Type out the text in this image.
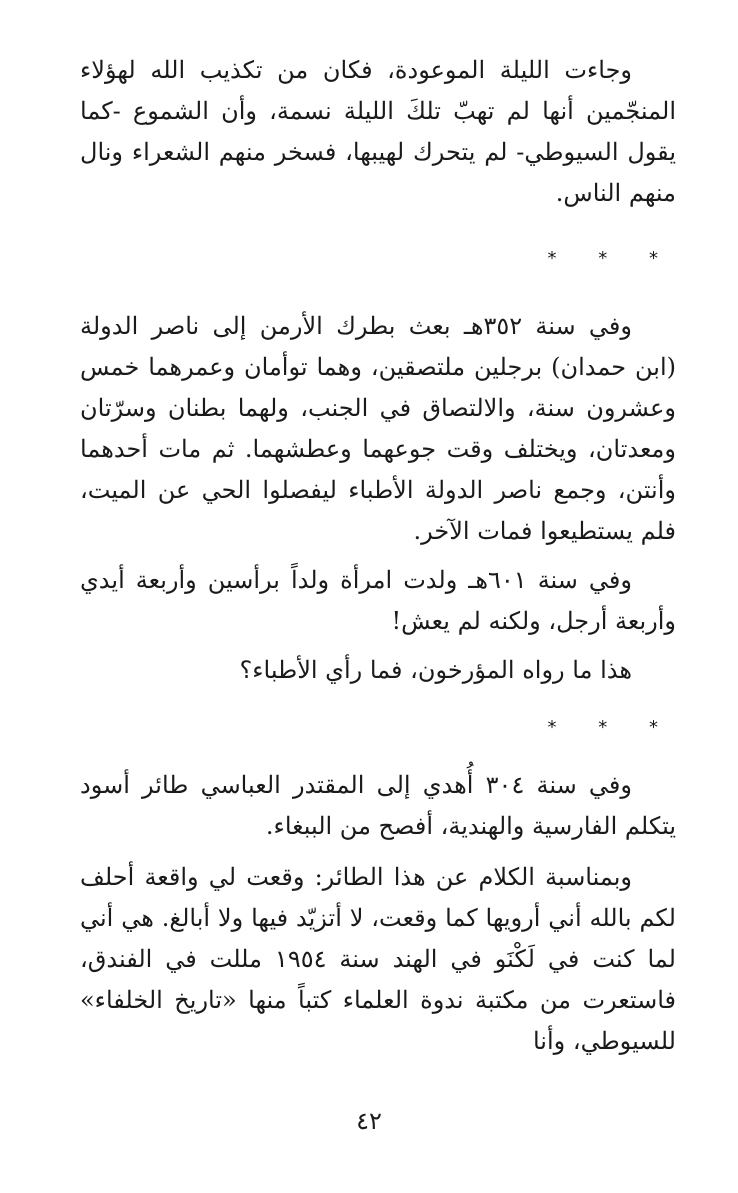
وجاءت الليلة الموعودة، فكان من تكذيب الله لهؤلاء المنجّمين أنها لم تهبّ تلكَ الليلة نسمة، وأن الشموع -كما يقول السيوطي- لم يتحرك لهيبها، فسخر منهم الشعراء ونال منهم الناس.

* * *

وفي سنة ٣٥٢هـ بعث بطرك الأرمن إلى ناصر الدولة (ابن حمدان) برجلين ملتصقين، وهما توأمان وعمرهما خمس وعشرون سنة، والالتصاق في الجنب، ولهما بطنان وسرّتان ومعدتان، ويختلف وقت جوعهما وعطشهما. ثم مات أحدهما وأنتن، وجمع ناصر الدولة الأطباء ليفصلوا الحي عن الميت، فلم يستطيعوا فمات الآخر.

وفي سنة ٦٠١هـ ولدت امرأة ولداً برأسين وأربعة أيدي وأربعة أرجل، ولكنه لم يعش!

هذا ما رواه المؤرخون، فما رأي الأطباء؟

* * *

وفي سنة ٣٠٤ أُهدي إلى المقتدر العباسي طائر أسود يتكلم الفارسية والهندية، أفصح من الببغاء.

وبمناسبة الكلام عن هذا الطائر: وقعت لي واقعة أحلف لكم بالله أني أرويها كما وقعت، لا أتزيّد فيها ولا أبالغ. هي أني لما كنت في لَكْنَو في الهند سنة ١٩٥٤ مللت في الفندق، فاستعرت من مكتبة ندوة العلماء كتباً منها «تاريخ الخلفاء» للسيوطي، وأنا

٤٢
